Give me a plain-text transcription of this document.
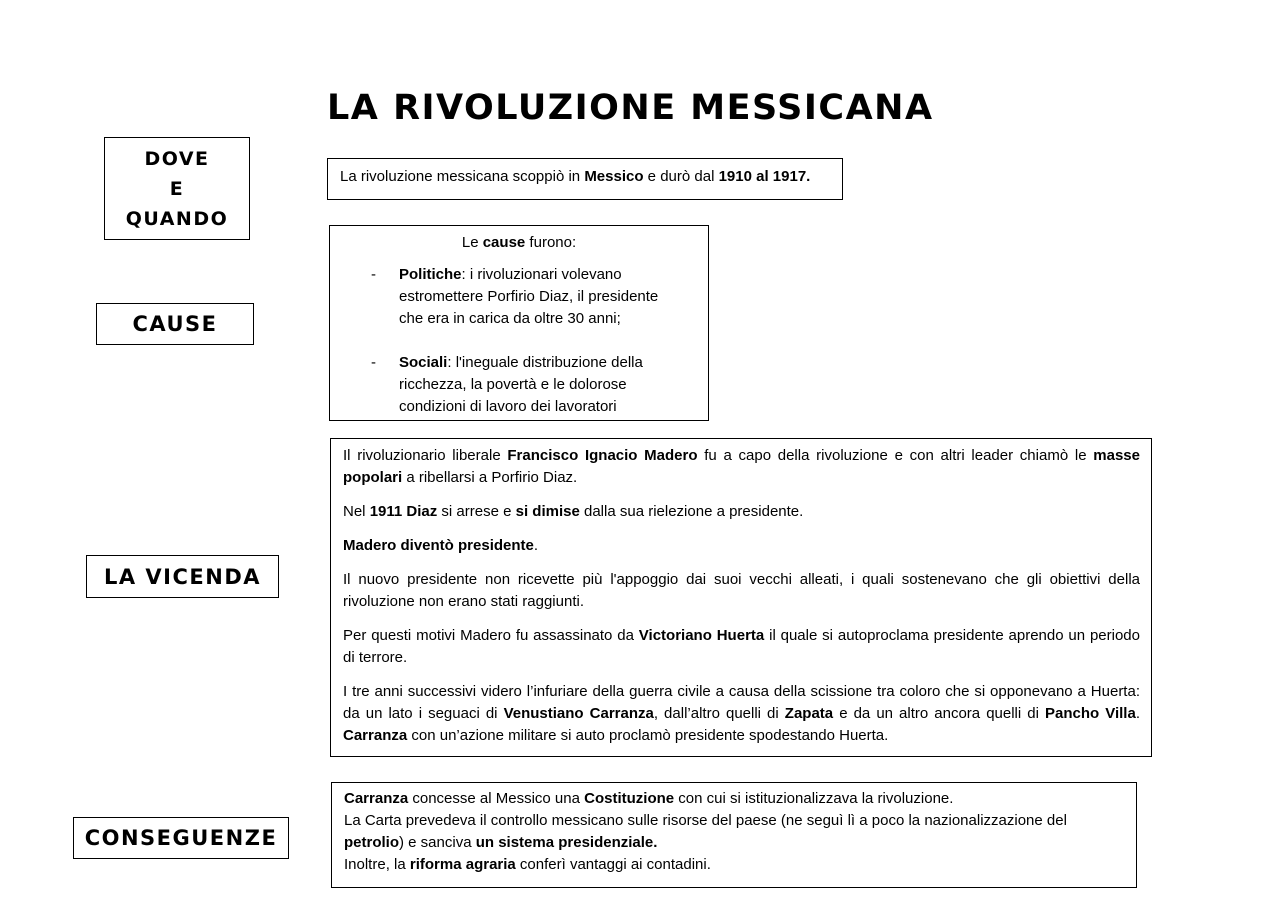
LA RIVOLUZIONE MESSICANA
DOVE
E
QUANDO
CAUSE
LA VICENDA
CONSEGUENZE

La rivoluzione messicana scoppiò in Messico e durò dal 1910 al 1917.

Le cause furono:

- Politiche: i rivoluzionari volevano estromettere Porfirio Diaz, il presidente che era in carica da oltre 30 anni;
- Sociali: l'ineguale distribuzione della ricchezza, la povertà e le dolorose condizioni di lavoro dei lavoratori

Il rivoluzionario liberale Francisco Ignacio Madero fu a capo della rivoluzione e con altri leader chiamò le masse popolari a ribellarsi a Porfirio Diaz.

Nel 1911 Diaz si arrese e si dimise dalla sua rielezione a presidente.

Madero diventò presidente.

Il nuovo presidente non ricevette più l'appoggio dai suoi vecchi alleati, i quali sostenevano che gli obiettivi della rivoluzione non erano stati raggiunti.

Per questi motivi Madero fu assassinato da Victoriano Huerta il quale si autoproclama presidente aprendo un periodo di terrore.

I tre anni successivi videro l’infuriare della guerra civile a causa della scissione tra coloro che si opponevano a Huerta: da un lato i seguaci di Venustiano Carranza, dall’altro quelli di Zapata e da un altro ancora quelli di Pancho Villa. Carranza con un’azione militare si auto proclamò presidente spodestando Huerta.

Carranza concesse al Messico una Costituzione con cui si istituzionalizzava la rivoluzione.

La Carta prevedeva il controllo messicano sulle risorse del paese (ne seguì lì a poco la nazionalizzazione del petrolio) e sanciva un sistema presidenziale.

Inoltre, la riforma agraria conferì vantaggi ai contadini.
